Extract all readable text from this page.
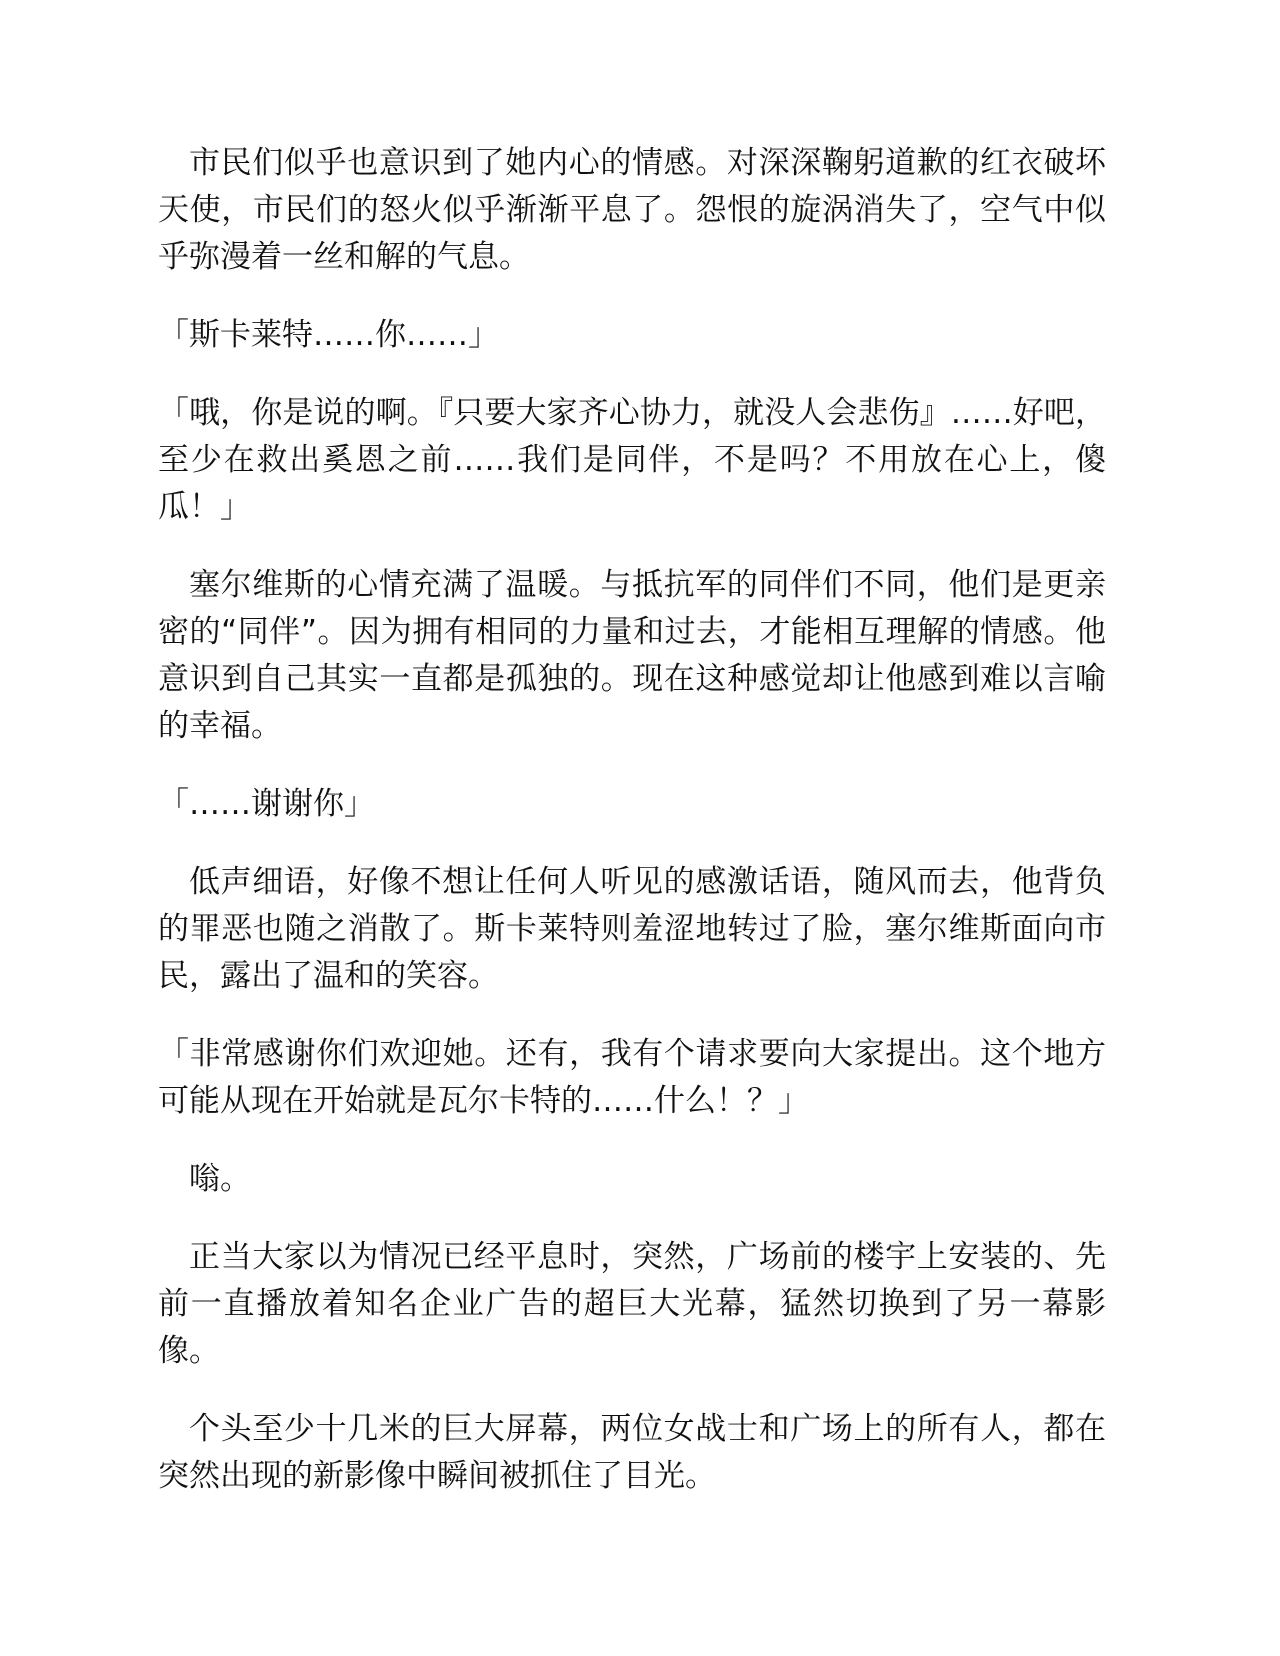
市民们似乎也意识到了她内心的情感。对深深鞠躬道歉的红衣破坏天使，市民们的怒火似乎渐渐平息了。怨恨的旋涡消失了，空气中似乎弥漫着一丝和解的气息。

「斯卡莱特……你……」

「哦，你是说的啊。『只要大家齐心协力，就没人会悲伤』……好吧，至少在救出奚恩之前……我们是同伴，不是吗？不用放在心上，傻瓜！」

塞尔维斯的心情充满了温暖。与抵抗军的同伴们不同，他们是更亲密的“同伴”。因为拥有相同的力量和过去，才能相互理解的情感。他意识到自己其实一直都是孤独的。现在这种感觉却让他感到难以言喻的幸福。

「……谢谢你」

低声细语，好像不想让任何人听见的感激话语，随风而去，他背负的罪恶也随之消散了。斯卡莱特则羞涩地转过了脸，塞尔维斯面向市民，露出了温和的笑容。

「非常感谢你们欢迎她。还有，我有个请求要向大家提出。这个地方可能从现在开始就是瓦尔卡特的……什么！？」

嗡。

正当大家以为情况已经平息时，突然，广场前的楼宇上安装的、先前一直播放着知名企业广告的超巨大光幕，猛然切换到了另一幕影像。

个头至少十几米的巨大屏幕，两位女战士和广场上的所有人，都在突然出现的新影像中瞬间被抓住了目光。
